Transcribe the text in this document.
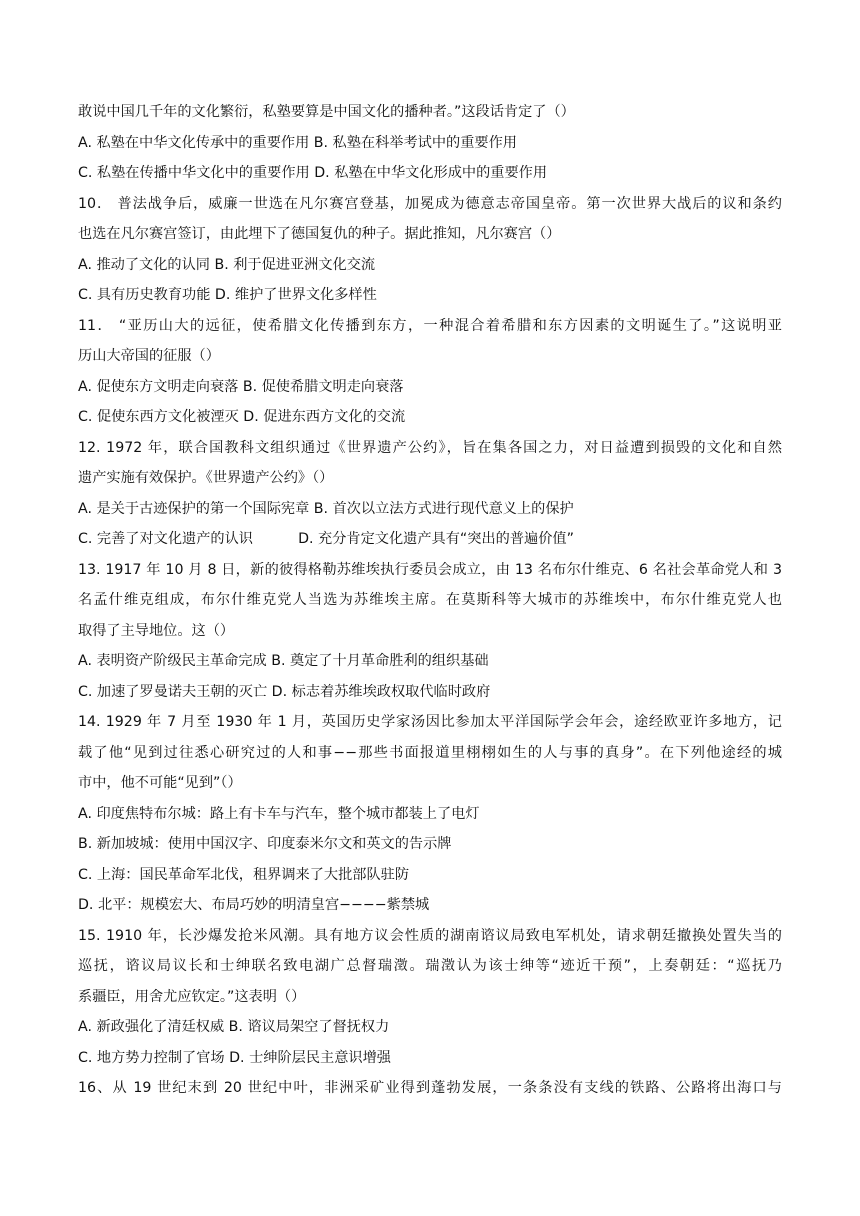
敢说中国几千年的文化繁衍，私塾要算是中国文化的播种者。”这段话肯定了（）
A. 私塾在中华文化传承中的重要作用 B. 私塾在科举考试中的重要作用
C. 私塾在传播中华文化中的重要作用 D. 私塾在中华文化形成中的重要作用
10． 普法战争后，威廉一世选在凡尔赛宫登基，加冕成为德意志帝国皇帝。第一次世界大战后的议和条约
也选在凡尔赛宫签订，由此埋下了德国复仇的种子。据此推知，凡尔赛宫（）
A. 推动了文化的认同 B. 利于促进亚洲文化交流
C. 具有历史教育功能 D. 维护了世界文化多样性
11． “亚历山大的远征，使希腊文化传播到东方，一种混合着希腊和东方因素的文明诞生了。”这说明亚
历山大帝国的征服（）
A. 促使东方文明走向衰落 B. 促使希腊文明走向衰落
C. 促使东西方文化被湮灭 D. 促进东西方文化的交流
12. 1972 年，联合国教科文组织通过《世界遗产公约》，旨在集各国之力，对日益遭到损毁的文化和自然
遗产实施有效保护。《世界遗产公约》（）
A. 是关于古迹保护的第一个国际宪章 B. 首次以立法方式进行现代意义上的保护
C. 完善了对文化遗产的认识          D. 充分肯定文化遗产具有“突出的普遍价值”
13. 1917 年 10 月 8 日，新的彼得格勒苏维埃执行委员会成立，由 13 名布尔什维克、6 名社会革命党人和 3
名孟什维克组成，布尔什维克党人当选为苏维埃主席。在莫斯科等大城市的苏维埃中，布尔什维克党人也
取得了主导地位。这（）
A. 表明资产阶级民主革命完成 B. 奠定了十月革命胜利的组织基础
C. 加速了罗曼诺夫王朝的灭亡 D. 标志着苏维埃政权取代临时政府
14. 1929 年 7 月至 1930 年 1 月，英国历史学家汤因比参加太平洋国际学会年会，途经欧亚许多地方，记
载了他“见到过往悉心研究过的人和事−−那些书面报道里栩栩如生的人与事的真身”。在下列他途经的城
市中，他不可能“见到”（）
A. 印度焦特布尔城：路上有卡车与汽车，整个城市都装上了电灯
B. 新加坡城：使用中国汉字、印度泰米尔文和英文的告示牌
C. 上海：国民革命军北伐，租界调来了大批部队驻防
D. 北平：规模宏大、布局巧妙的明清皇宫−−−−紫禁城
15. 1910 年，长沙爆发抢米风潮。具有地方议会性质的湖南谘议局致电军机处，请求朝廷撤换处置失当的
巡抚，谘议局议长和士绅联名致电湖广总督瑞澂。瑞澂认为该士绅等“迹近干预”，上奏朝廷：“巡抚乃
系疆臣，用舍尤应钦定。”这表明（）
A. 新政强化了清廷权威 B. 谘议局架空了督抚权力
C. 地方势力控制了官场 D. 士绅阶层民主意识增强
16、从 19 世纪末到 20 世纪中叶，非洲采矿业得到蓬勃发展，一条条没有支线的铁路、公路将出海口与
